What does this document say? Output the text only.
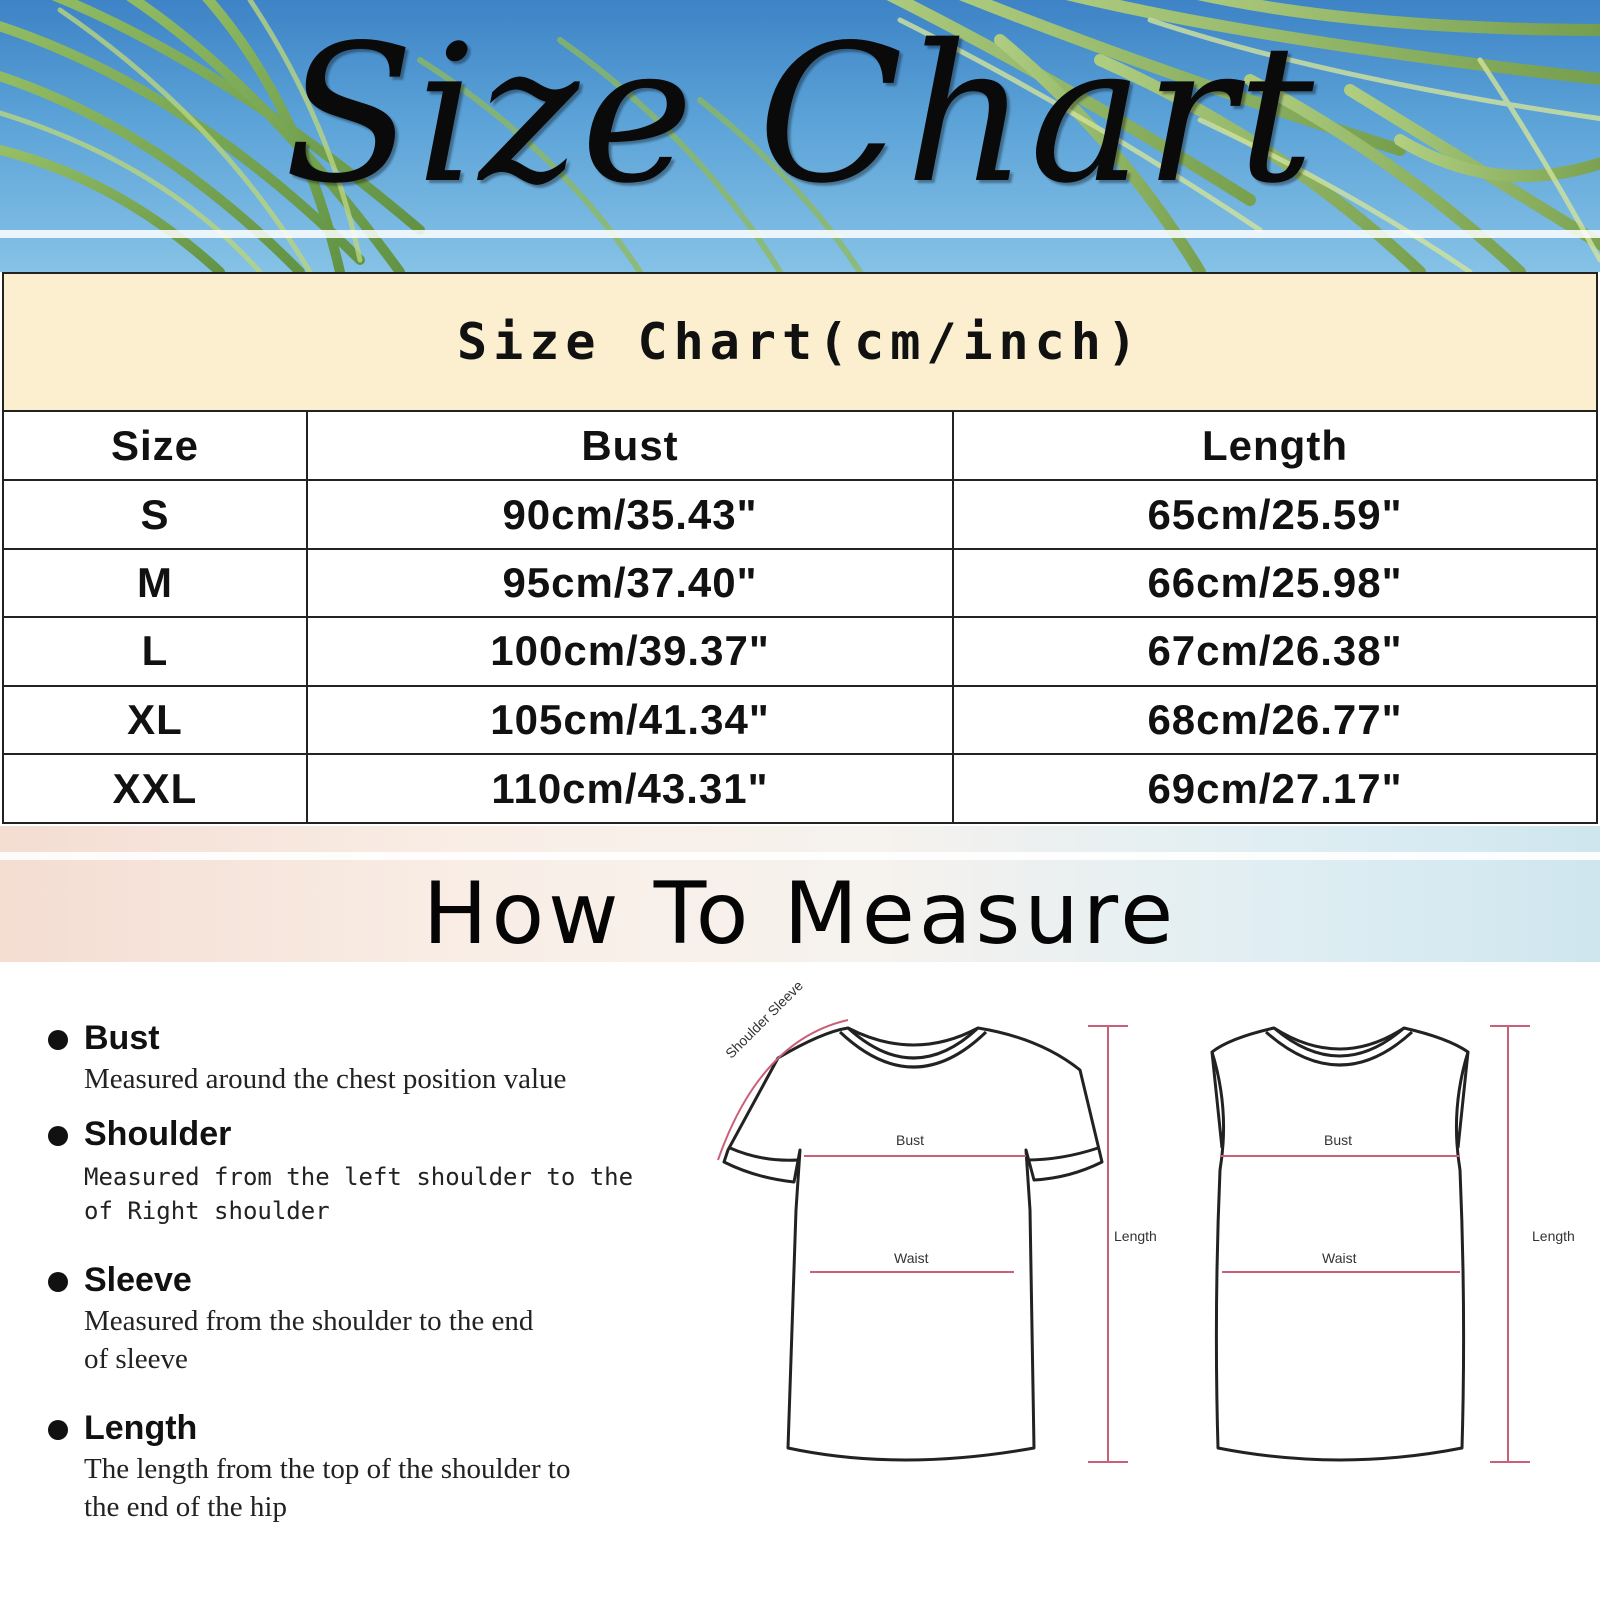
Size Chart
Size Chart(cm/inch)
Size	Bust	Length
S	90cm/35.43"	65cm/25.59"
M	95cm/37.40"	66cm/25.98"
L	100cm/39.37"	67cm/26.38"
XL	105cm/41.34"	68cm/26.77"
XXL	110cm/43.31"	69cm/27.17"
How To Measure
Bust
Measured around the chest position value
Shoulder
Measured from the left shoulder to the
of Right shoulder
Sleeve
Measured from the shoulder to the end
of sleeve
Length
The length from the top of the shoulder to
the end of the hip
Shoulder Sleeve
Bust
Waist
Length
Bust
Waist
Length
